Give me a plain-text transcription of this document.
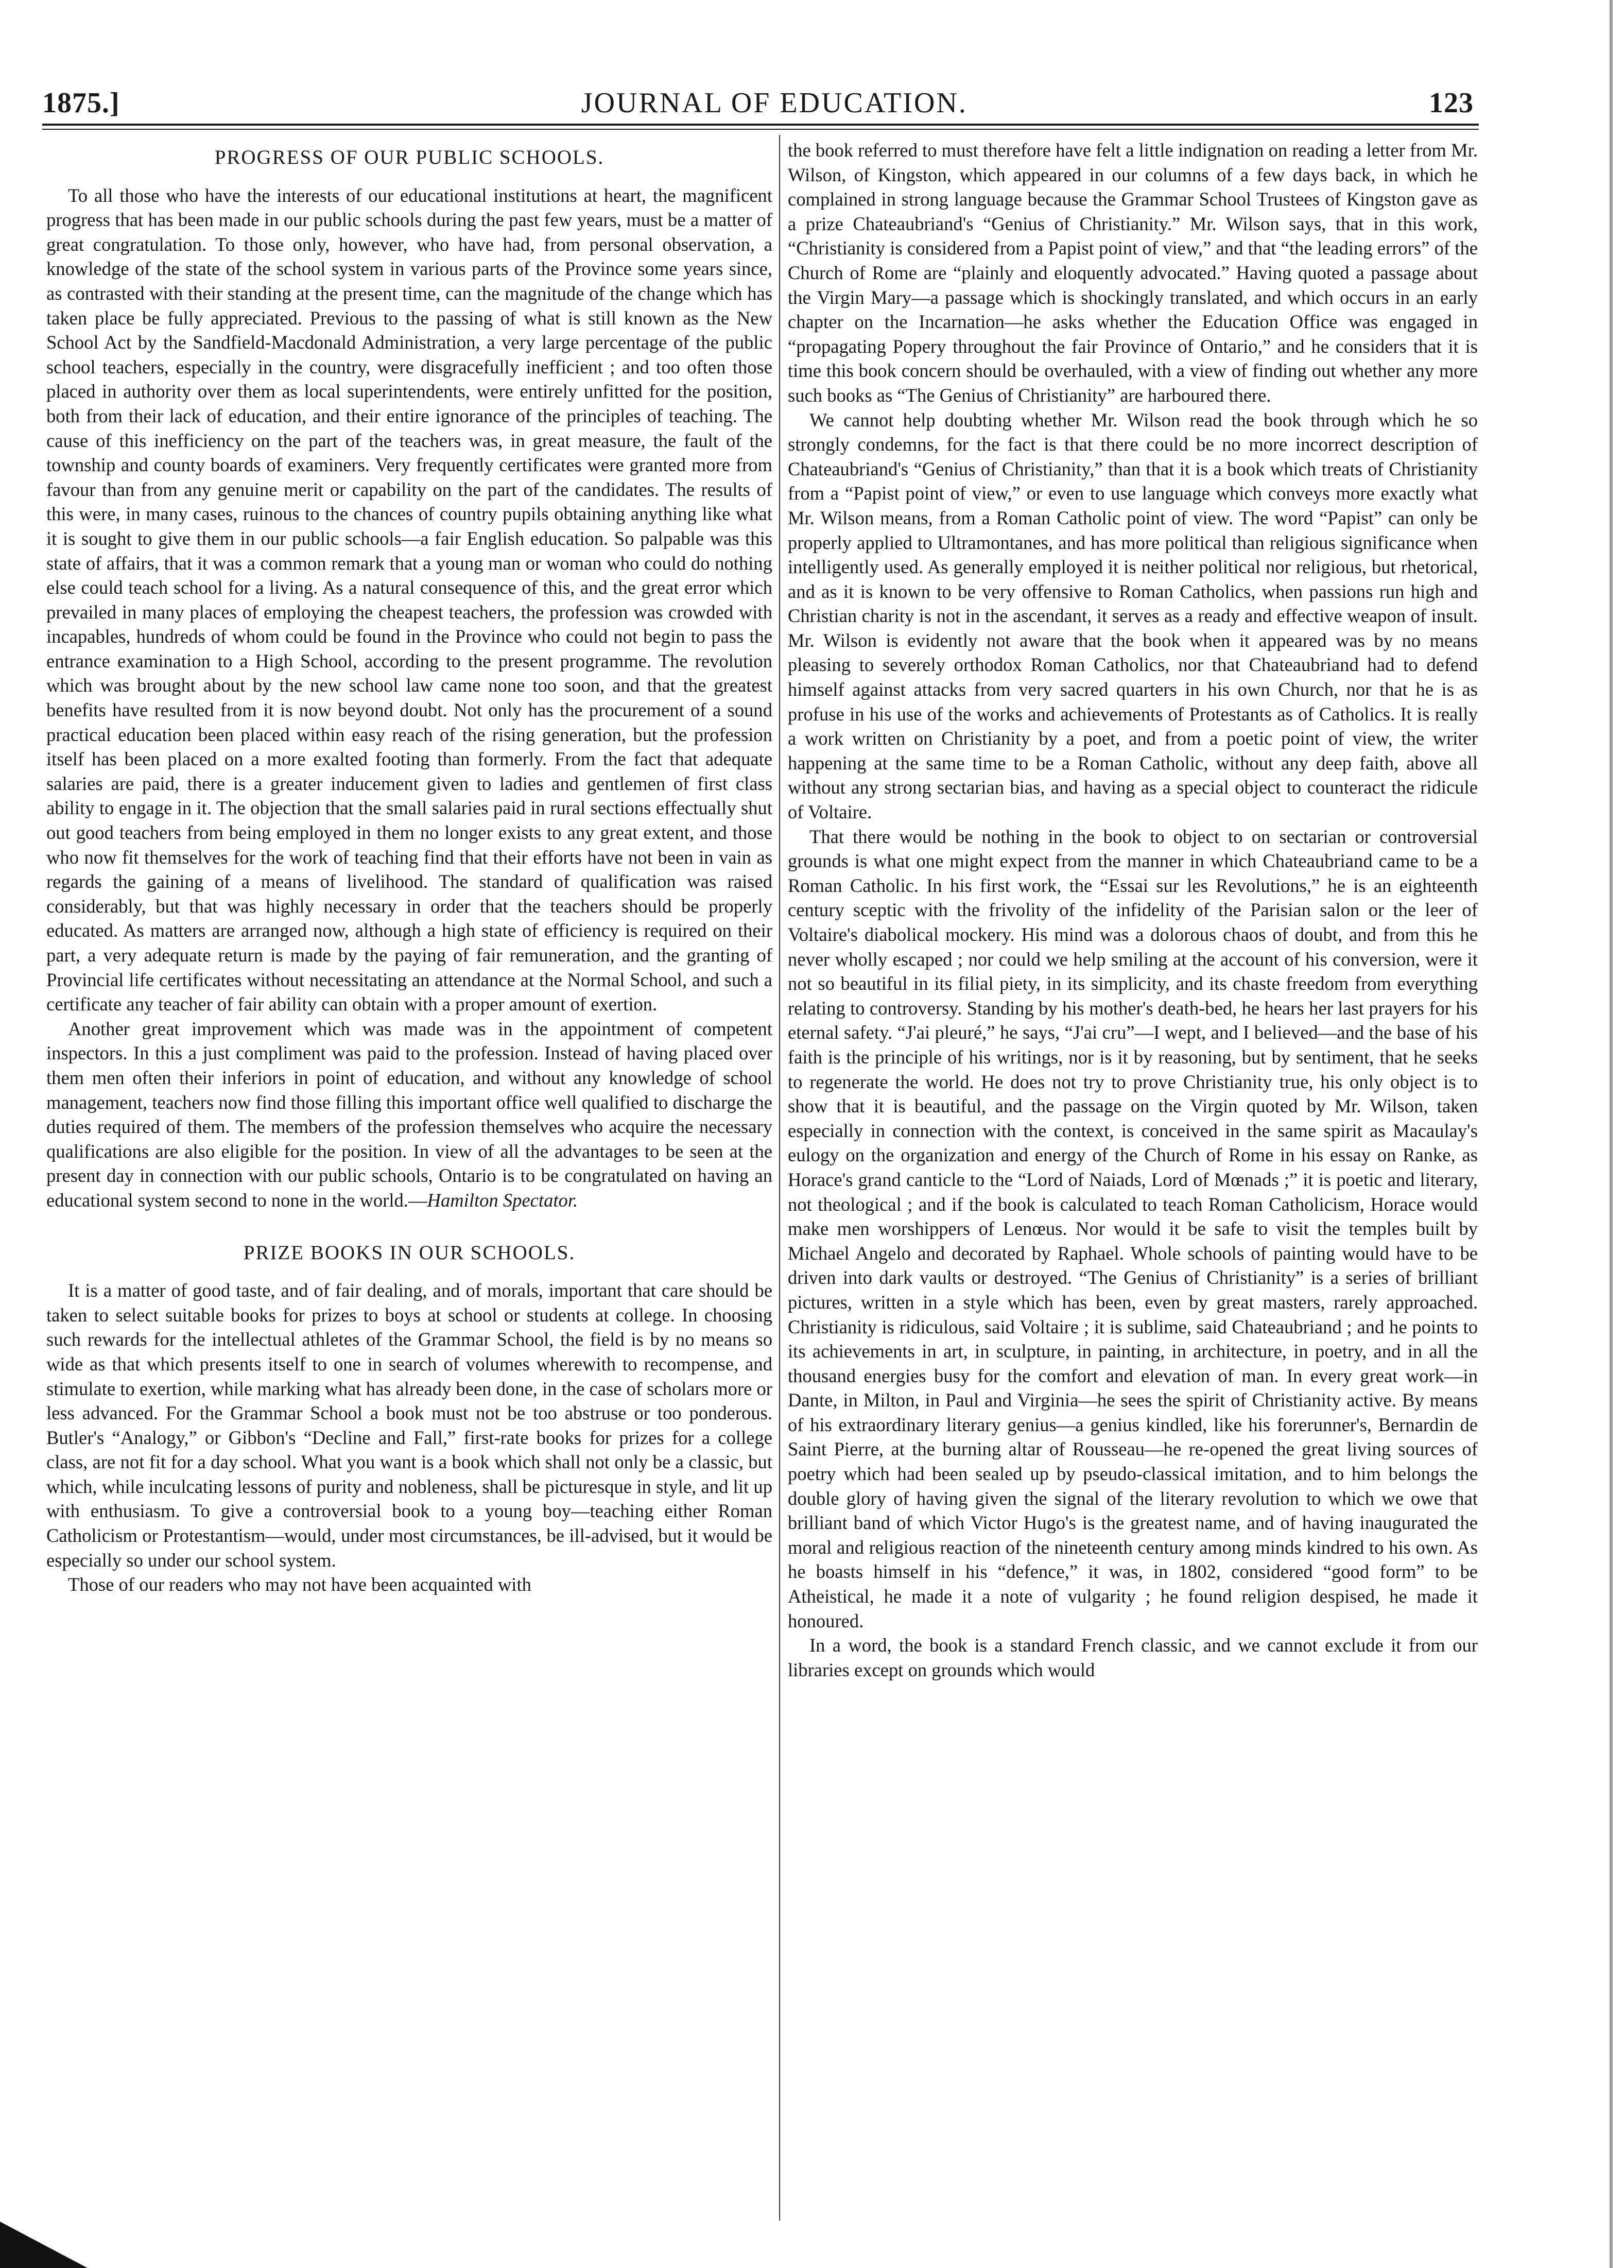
1875.]	JOURNAL OF EDUCATION.	123
PROGRESS OF OUR PUBLIC SCHOOLS.

To all those who have the interests of our educational institutions at heart, the magnificent progress that has been made in our public schools during the past few years, must be a matter of great congratulation. To those only, however, who have had, from personal observation, a knowledge of the state of the school system in various parts of the Province some years since, as contrasted with their standing at the present time, can the magnitude of the change which has taken place be fully appreciated. Previous to the passing of what is still known as the New School Act by the Sandfield-Macdonald Administration, a very large percentage of the public school teachers, especially in the country, were disgracefully inefficient ; and too often those placed in authority over them as local superintendents, were entirely unfitted for the position, both from their lack of education, and their entire ignorance of the principles of teaching. The cause of this inefficiency on the part of the teachers was, in great measure, the fault of the township and county boards of examiners. Very frequently certificates were granted more from favour than from any genuine merit or capability on the part of the candidates. The results of this were, in many cases, ruinous to the chances of country pupils obtaining anything like what it is sought to give them in our public schools—a fair English education. So palpable was this state of affairs, that it was a common remark that a young man or woman who could do nothing else could teach school for a living. As a natural consequence of this, and the great error which prevailed in many places of employing the cheapest teachers, the profession was crowded with incapables, hundreds of whom could be found in the Province who could not begin to pass the entrance examination to a High School, according to the present programme. The revolution which was brought about by the new school law came none too soon, and that the greatest benefits have resulted from it is now beyond doubt. Not only has the procurement of a sound practical education been placed within easy reach of the rising generation, but the profession itself has been placed on a more exalted footing than formerly. From the fact that adequate salaries are paid, there is a greater inducement given to ladies and gentlemen of first class ability to engage in it. The objection that the small salaries paid in rural sections effectually shut out good teachers from being employed in them no longer exists to any great extent, and those who now fit themselves for the work of teaching find that their efforts have not been in vain as regards the gaining of a means of livelihood. The standard of qualification was raised considerably, but that was highly necessary in order that the teachers should be properly educated. As matters are arranged now, although a high state of efficiency is required on their part, a very adequate return is made by the paying of fair remuneration, and the granting of Provincial life certificates without necessitating an attendance at the Normal School, and such a certificate any teacher of fair ability can obtain with a proper amount of exertion.

Another great improvement which was made was in the appointment of competent inspectors. In this a just compliment was paid to the profession. Instead of having placed over them men often their inferiors in point of education, and without any knowledge of school management, teachers now find those filling this important office well qualified to discharge the duties required of them. The members of the profession themselves who acquire the necessary qualifications are also eligible for the position. In view of all the advantages to be seen at the present day in connection with our public schools, Ontario is to be congratulated on having an educational system second to none in the world.—Hamilton Spectator.

PRIZE BOOKS IN OUR SCHOOLS.

It is a matter of good taste, and of fair dealing, and of morals, important that care should be taken to select suitable books for prizes to boys at school or students at college. In choosing such rewards for the intellectual athletes of the Grammar School, the field is by no means so wide as that which presents itself to one in search of volumes wherewith to recompense, and stimulate to exertion, while marking what has already been done, in the case of scholars more or less advanced. For the Grammar School a book must not be too abstruse or too ponderous. Butler's “Analogy,” or Gibbon's “Decline and Fall,” first-rate books for prizes for a college class, are not fit for a day school. What you want is a book which shall not only be a classic, but which, while inculcating lessons of purity and nobleness, shall be picturesque in style, and lit up with enthusiasm. To give a controversial book to a young boy—teaching either Roman Catholicism or Protestantism—would, under most circumstances, be ill-advised, but it would be especially so under our school system.

Those of our readers who may not have been acquainted with

the book referred to must therefore have felt a little indignation on reading a letter from Mr. Wilson, of Kingston, which appeared in our columns of a few days back, in which he complained in strong language because the Grammar School Trustees of Kingston gave as a prize Chateaubriand's “Genius of Christianity.” Mr. Wilson says, that in this work, “Christianity is considered from a Papist point of view,” and that “the leading errors” of the Church of Rome are “plainly and eloquently advocated.” Having quoted a passage about the Virgin Mary—a passage which is shockingly translated, and which occurs in an early chapter on the Incarnation—he asks whether the Education Office was engaged in “propagating Popery throughout the fair Province of Ontario,” and he considers that it is time this book concern should be overhauled, with a view of finding out whether any more such books as “The Genius of Christianity” are harboured there.

We cannot help doubting whether Mr. Wilson read the book through which he so strongly condemns, for the fact is that there could be no more incorrect description of Chateaubriand's “Genius of Christianity,” than that it is a book which treats of Christianity from a “Papist point of view,” or even to use language which conveys more exactly what Mr. Wilson means, from a Roman Catholic point of view. The word “Papist” can only be properly applied to Ultramontanes, and has more political than religious significance when intelligently used. As generally employed it is neither political nor religious, but rhetorical, and as it is known to be very offensive to Roman Catholics, when passions run high and Christian charity is not in the ascendant, it serves as a ready and effective weapon of insult. Mr. Wilson is evidently not aware that the book when it appeared was by no means pleasing to severely orthodox Roman Catholics, nor that Chateaubriand had to defend himself against attacks from very sacred quarters in his own Church, nor that he is as profuse in his use of the works and achievements of Protestants as of Catholics. It is really a work written on Christianity by a poet, and from a poetic point of view, the writer happening at the same time to be a Roman Catholic, without any deep faith, above all without any strong sectarian bias, and having as a special object to counteract the ridicule of Voltaire.

That there would be nothing in the book to object to on sectarian or controversial grounds is what one might expect from the manner in which Chateaubriand came to be a Roman Catholic. In his first work, the “Essai sur les Revolutions,” he is an eighteenth century sceptic with the frivolity of the infidelity of the Parisian salon or the leer of Voltaire's diabolical mockery. His mind was a dolorous chaos of doubt, and from this he never wholly escaped ; nor could we help smiling at the account of his conversion, were it not so beautiful in its filial piety, in its simplicity, and its chaste freedom from everything relating to controversy. Standing by his mother's death-bed, he hears her last prayers for his eternal safety. “J'ai pleuré,” he says, “J'ai cru”—I wept, and I believed—and the base of his faith is the principle of his writings, nor is it by reasoning, but by sentiment, that he seeks to regenerate the world. He does not try to prove Christianity true, his only object is to show that it is beautiful, and the passage on the Virgin quoted by Mr. Wilson, taken especially in connection with the context, is conceived in the same spirit as Macaulay's eulogy on the organization and energy of the Church of Rome in his essay on Ranke, as Horace's grand canticle to the “Lord of Naiads, Lord of Mœnads ;” it is poetic and literary, not theological ; and if the book is calculated to teach Roman Catholicism, Horace would make men worshippers of Lenœus. Nor would it be safe to visit the temples built by Michael Angelo and decorated by Raphael. Whole schools of painting would have to be driven into dark vaults or destroyed. “The Genius of Christianity” is a series of brilliant pictures, written in a style which has been, even by great masters, rarely approached. Christianity is ridiculous, said Voltaire ; it is sublime, said Chateaubriand ; and he points to its achievements in art, in sculpture, in painting, in architecture, in poetry, and in all the thousand energies busy for the comfort and elevation of man. In every great work—in Dante, in Milton, in Paul and Virginia—he sees the spirit of Christianity active. By means of his extraordinary literary genius—a genius kindled, like his forerunner's, Bernardin de Saint Pierre, at the burning altar of Rousseau—he re-opened the great living sources of poetry which had been sealed up by pseudo-classical imitation, and to him belongs the double glory of having given the signal of the literary revolution to which we owe that brilliant band of which Victor Hugo's is the greatest name, and of having inaugurated the moral and religious reaction of the nineteenth century among minds kindred to his own. As he boasts himself in his “defence,” it was, in 1802, considered “good form” to be Atheistical, he made it a note of vulgarity ; he found religion despised, he made it honoured.

In a word, the book is a standard French classic, and we cannot exclude it from our libraries except on grounds which would
